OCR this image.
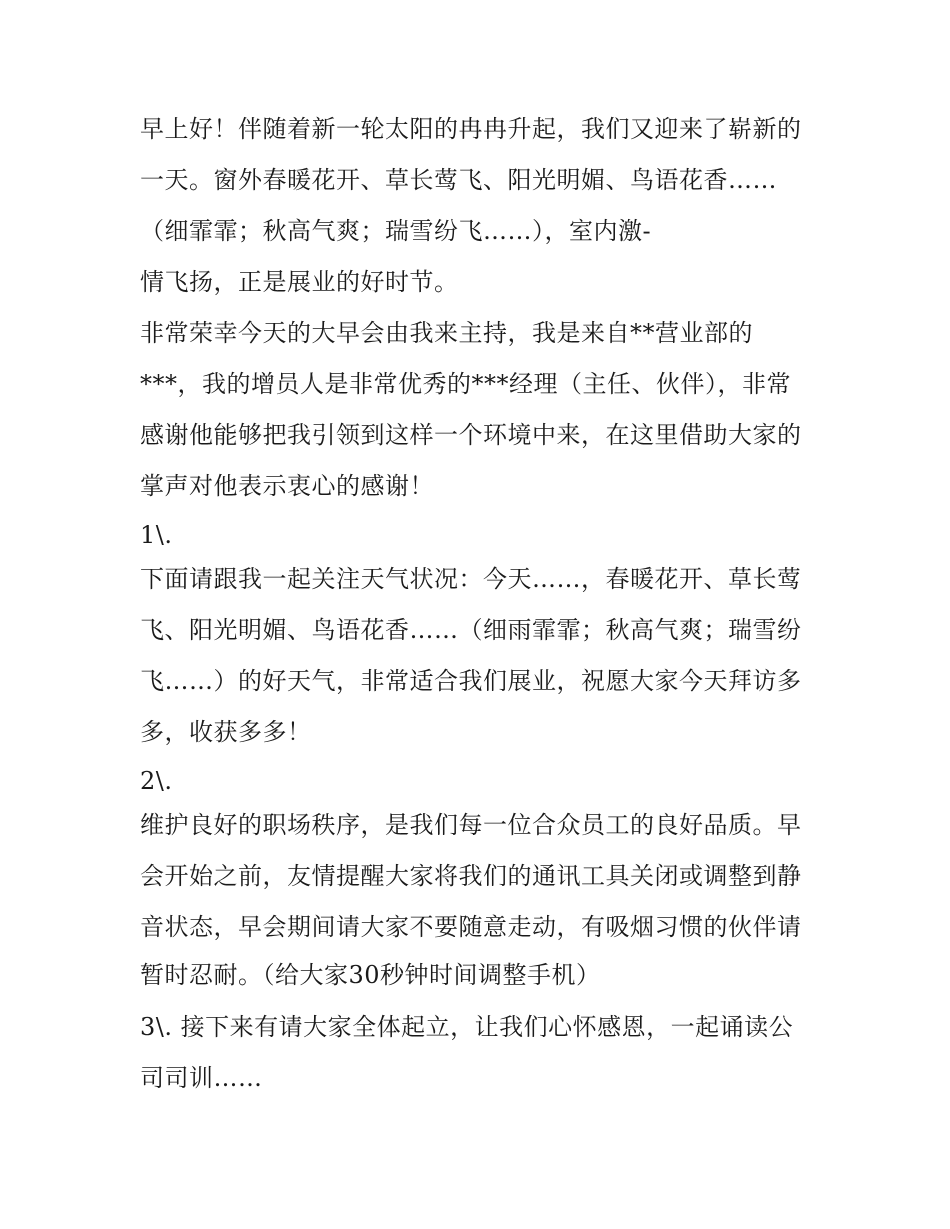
早上好！伴随着新一轮太阳的冉冉升起，我们又迎来了崭新的
一天。窗外春暖花开、草长莺飞、阳光明媚、鸟语花香……
（细霏霏；秋高气爽；瑞雪纷飞……），室内激-
情飞扬，正是展业的好时节。
非常荣幸今天的大早会由我来主持，我是来自**营业部的
***，我的增员人是非常优秀的***经理（主任、伙伴），非常
感谢他能够把我引领到这样一个环境中来，在这里借助大家的
掌声对他表示衷心的感谢！
1\.
下面请跟我一起关注天气状况：今天……，春暖花开、草长莺
飞、阳光明媚、鸟语花香……（细雨霏霏；秋高气爽；瑞雪纷
飞……）的好天气，非常适合我们展业，祝愿大家今天拜访多
多，收获多多！
2\.
维护良好的职场秩序，是我们每一位合众员工的良好品质。早
会开始之前，友情提醒大家将我们的通讯工具关闭或调整到静
音状态，早会期间请大家不要随意走动，有吸烟习惯的伙伴请
暂时忍耐。（给大家30秒钟时间调整手机）
3\. 接下来有请大家全体起立，让我们心怀感恩，一起诵读公
司司训……
